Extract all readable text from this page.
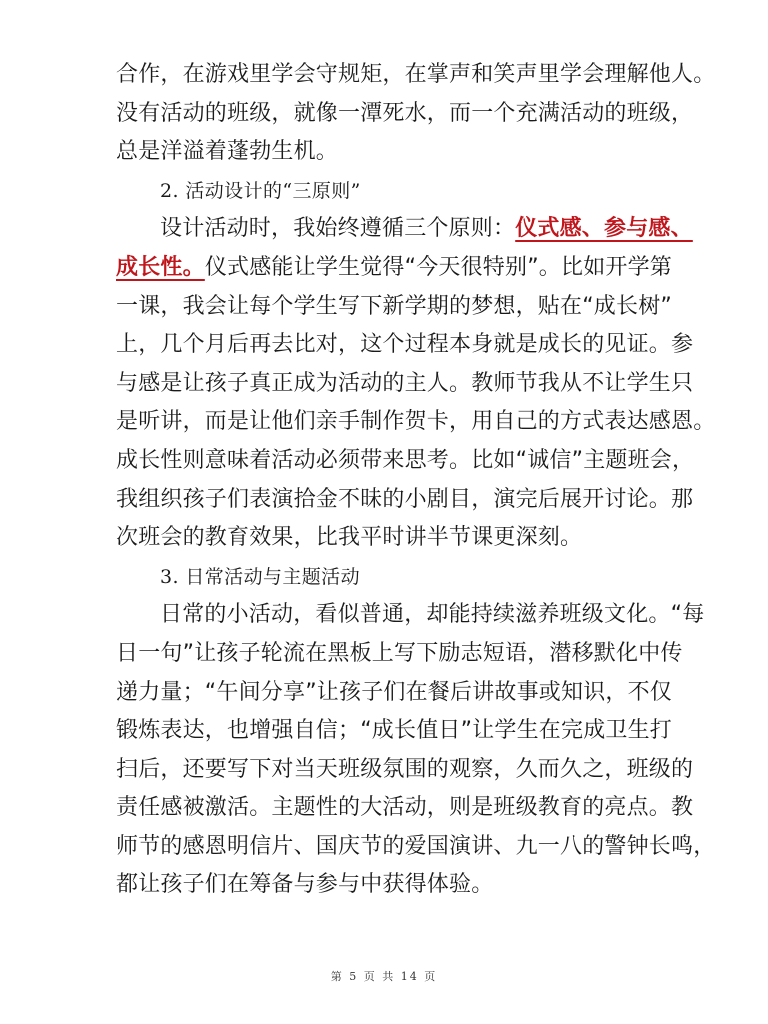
合作，在游戏里学会守规矩，在掌声和笑声里学会理解他人。
没有活动的班级，就像一潭死水，而一个充满活动的班级，
总是洋溢着蓬勃生机。
2. 活动设计的“三原则”
设计活动时，我始终遵循三个原则：仪式感、参与感、
成长性。仪式感能让学生觉得“今天很特别”。比如开学第
一课，我会让每个学生写下新学期的梦想，贴在“成长树”
上，几个月后再去比对，这个过程本身就是成长的见证。参
与感是让孩子真正成为活动的主人。教师节我从不让学生只
是听讲，而是让他们亲手制作贺卡，用自己的方式表达感恩。
成长性则意味着活动必须带来思考。比如“诚信”主题班会，
我组织孩子们表演拾金不昧的小剧目，演完后展开讨论。那
次班会的教育效果，比我平时讲半节课更深刻。
3. 日常活动与主题活动
日常的小活动，看似普通，却能持续滋养班级文化。“每
日一句”让孩子轮流在黑板上写下励志短语，潜移默化中传
递力量；“午间分享”让孩子们在餐后讲故事或知识，不仅
锻炼表达，也增强自信；“成长值日”让学生在完成卫生打
扫后，还要写下对当天班级氛围的观察，久而久之，班级的
责任感被激活。主题性的大活动，则是班级教育的亮点。教
师节的感恩明信片、国庆节的爱国演讲、九一八的警钟长鸣，
都让孩子们在筹备与参与中获得体验。
第 5 页 共 14 页
